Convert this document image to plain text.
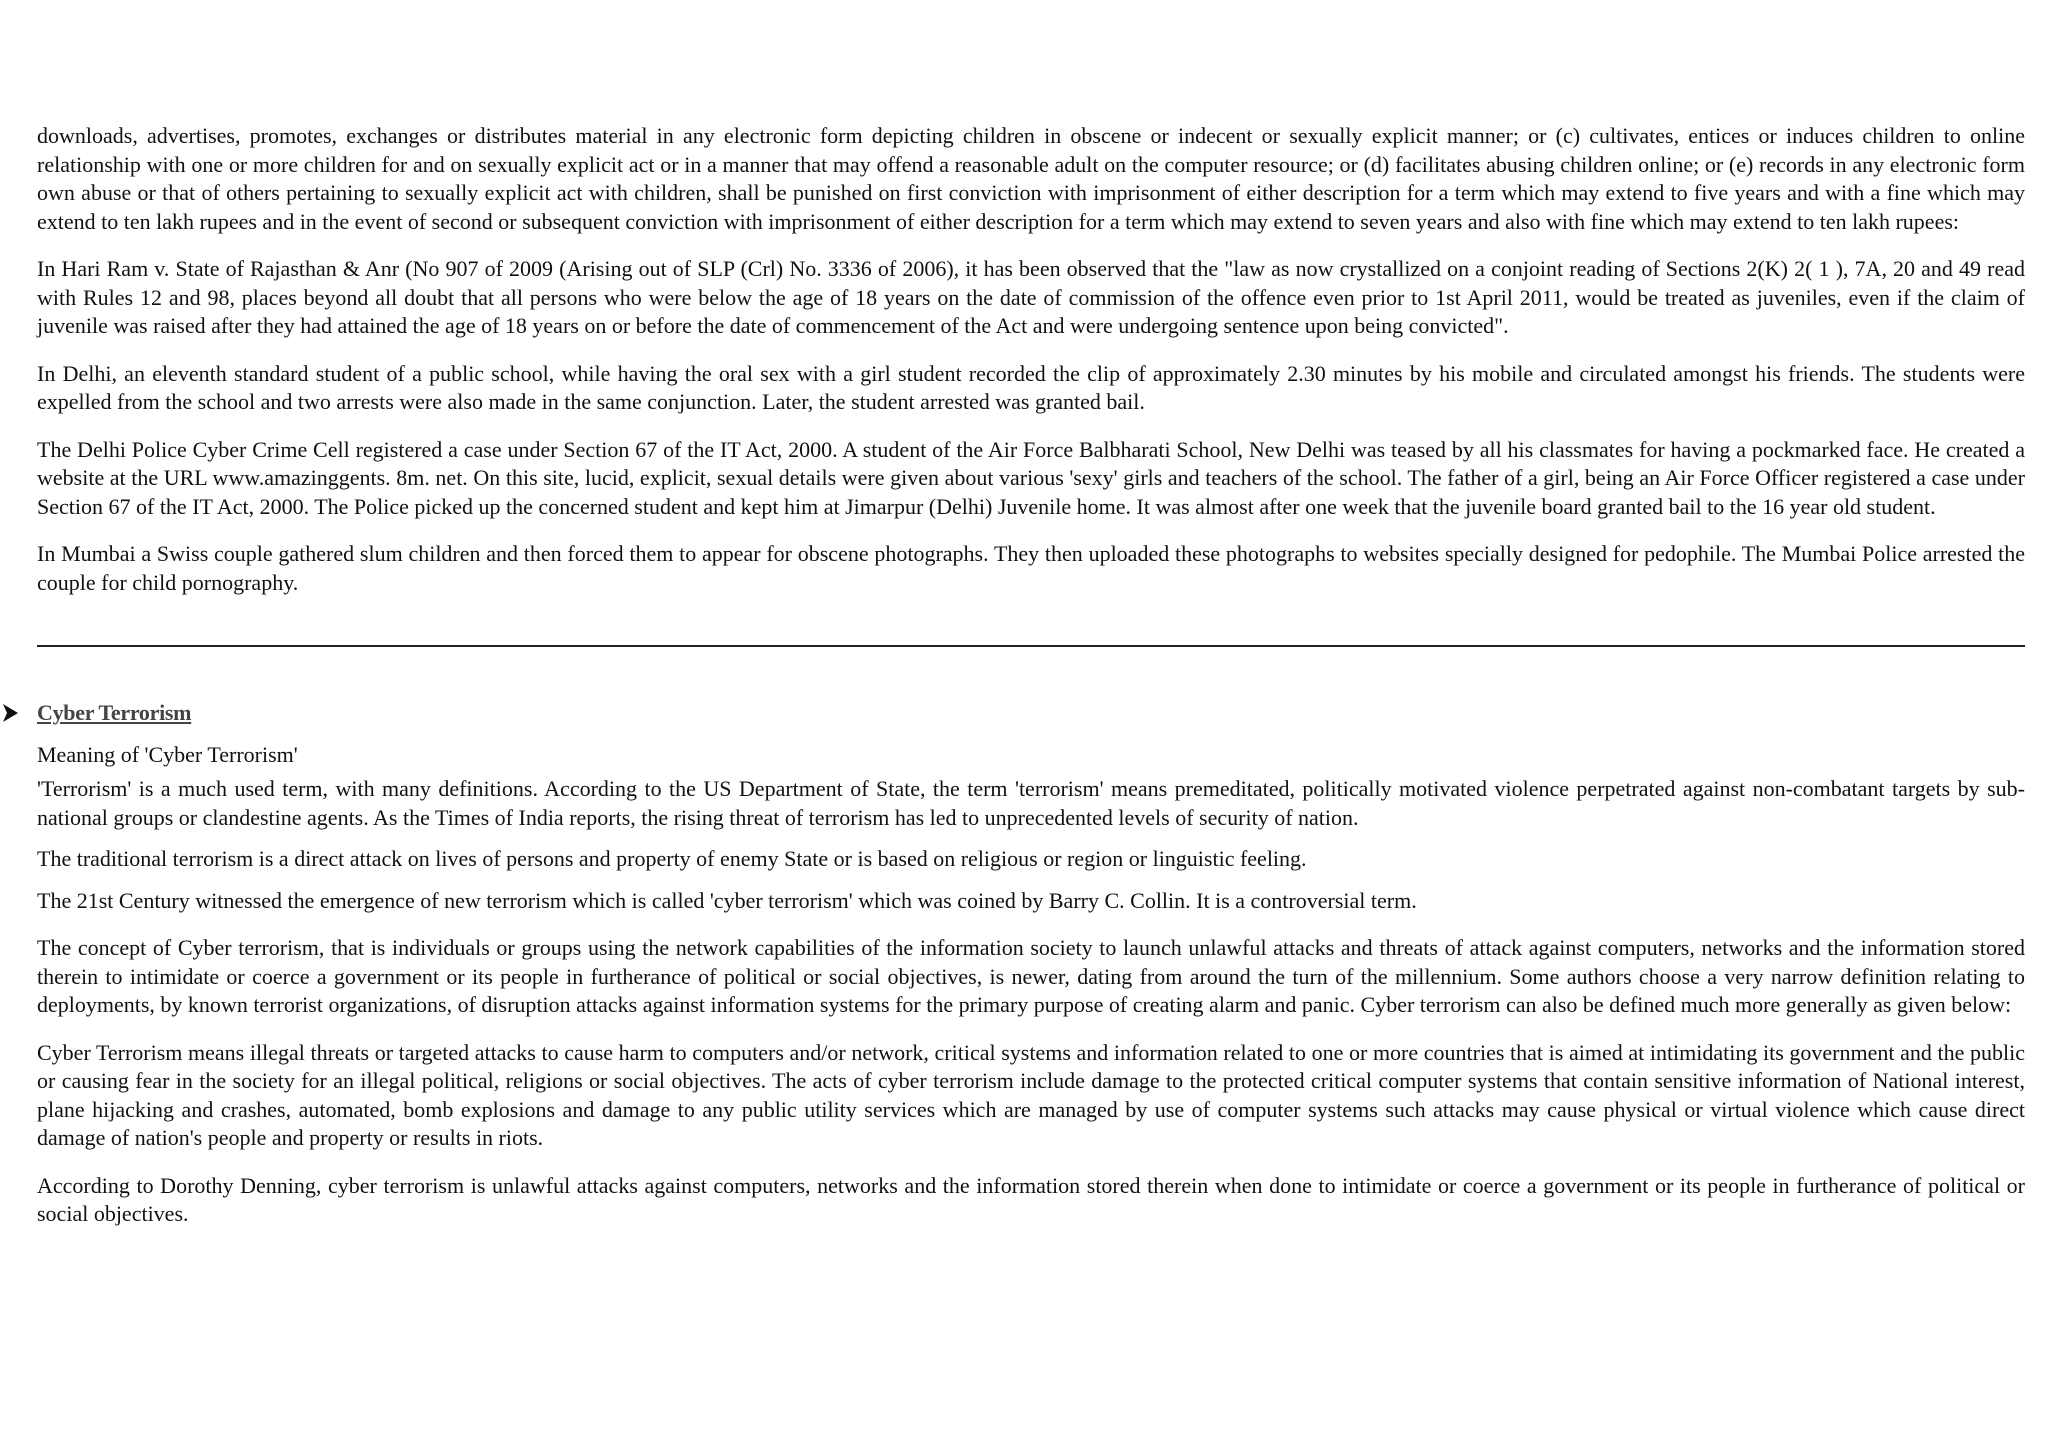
downloads, advertises, promotes, exchanges or distributes material in any electronic form depicting children in obscene or indecent or sexually explicit manner; or (c) cultivates, entices or induces children to online relationship with one or more children for and on sexually explicit act or in a manner that may offend a reasonable adult on the computer resource; or (d) facilitates abusing children online; or (e) records in any electronic form own abuse or that of others pertaining to sexually explicit act with children, shall be punished on first conviction with imprisonment of either description for a term which may extend to five years and with a fine which may extend to ten lakh rupees and in the event of second or subsequent conviction with imprisonment of either description for a term which may extend to seven years and also with fine which may extend to ten lakh rupees:

In Hari Ram v. State of Rajasthan & Anr (No 907 of 2009 (Arising out of SLP (Crl) No. 3336 of 2006), it has been observed that the "law as now crystallized on a conjoint reading of Sections 2(K) 2( 1 ), 7A, 20 and 49 read with Rules 12 and 98, places beyond all doubt that all persons who were below the age of 18 years on the date of commission of the offence even prior to 1st April 2011, would be treated as juveniles, even if the claim of juvenile was raised after they had attained the age of 18 years on or before the date of commencement of the Act and were undergoing sentence upon being convicted".

In Delhi, an eleventh standard student of a public school, while having the oral sex with a girl student recorded the clip of approximately 2.30 minutes by his mobile and circulated amongst his friends. The students were expelled from the school and two arrests were also made in the same conjunction. Later, the student arrested was granted bail.

The Delhi Police Cyber Crime Cell registered a case under Section 67 of the IT Act, 2000. A student of the Air Force Balbharati School, New Delhi was teased by all his classmates for having a pockmarked face. He created a website at the URL www.amazinggents. 8m. net. On this site, lucid, explicit, sexual details were given about various 'sexy' girls and teachers of the school. The father of a girl, being an Air Force Officer registered a case under Section 67 of the IT Act, 2000. The Police picked up the concerned student and kept him at Jimarpur (Delhi) Juvenile home. It was almost after one week that the juvenile board granted bail to the 16 year old student.

In Mumbai a Swiss couple gathered slum children and then forced them to appear for obscene photographs. They then uploaded these photographs to websites specially designed for pedophile. The Mumbai Police arrested the couple for child pornography.

Cyber Terrorism
Meaning of 'Cyber Terrorism'

'Terrorism' is a much used term, with many definitions. According to the US Department of State, the term 'terrorism' means premeditated, politically motivated violence perpetrated against non-combatant targets by sub-national groups or clandestine agents. As the Times of India reports, the rising threat of terrorism has led to unprecedented levels of security of nation.

The traditional terrorism is a direct attack on lives of persons and property of enemy State or is based on religious or region or linguistic feeling.

The 21st Century witnessed the emergence of new terrorism which is called 'cyber terrorism' which was coined by Barry C. Collin. It is a controversial term.

The concept of Cyber terrorism, that is individuals or groups using the network capabilities of the information society to launch unlawful attacks and threats of attack against computers, networks and the information stored therein to intimidate or coerce a government or its people in furtherance of political or social objectives, is newer, dating from around the turn of the millennium. Some authors choose a very narrow definition relating to deployments, by known terrorist organizations, of disruption attacks against information systems for the primary purpose of creating alarm and panic. Cyber terrorism can also be defined much more generally as given below:

Cyber Terrorism means illegal threats or targeted attacks to cause harm to computers and/or network, critical systems and information related to one or more countries that is aimed at intimidating its government and the public or causing fear in the society for an illegal political, religions or social objectives. The acts of cyber terrorism include damage to the protected critical computer systems that contain sensitive information of National interest, plane hijacking and crashes, automated, bomb explosions and damage to any public utility services which are managed by use of computer systems such attacks may cause physical or virtual violence which cause direct damage of nation's people and property or results in riots.

According to Dorothy Denning, cyber terrorism is unlawful attacks against computers, networks and the information stored therein when done to intimidate or coerce a government or its people in furtherance of political or social objectives.
